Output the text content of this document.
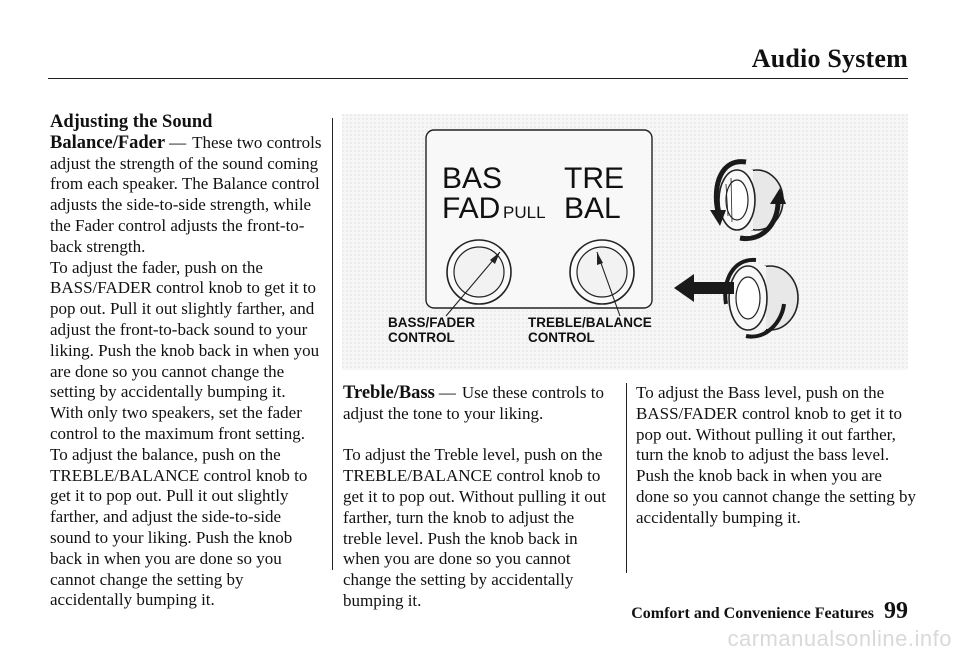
Audio System

Adjusting the Sound Balance/Fader — These two controls adjust the strength of the sound coming from each speaker. The Balance control adjusts the side-to-side strength, while the Fader control adjusts the front-to-back strength.

To adjust the fader, push on the BASS/FADER control knob to get it to pop out. Pull it out slightly farther, and adjust the front-to-back sound to your liking. Push the knob back in when you are done so you cannot change the setting by accidentally bumping it. With only two speakers, set the fader control to the maximum front setting.

To adjust the balance, push on the TREBLE/BALANCE control knob to get it to pop out. Pull it out slightly farther, and adjust the side-to-side sound to your liking. Push the knob back in when you are done so you cannot change the setting by accidentally bumping it.

BAS
FAD PULL
TRE
BAL
BASS/FADER
CONTROL
TREBLE/BALANCE
CONTROL

Treble/Bass — Use these controls to adjust the tone to your liking.

To adjust the Treble level, push on the TREBLE/BALANCE control knob to get it to pop out. Without pulling it out farther, turn the knob to adjust the treble level. Push the knob back in when you are done so you cannot change the setting by accidentally bumping it.

To adjust the Bass level, push on the BASS/FADER control knob to get it to pop out. Without pulling it out farther, turn the knob to adjust the bass level. Push the knob back in when you are done so you cannot change the setting by accidentally bumping it.

Comfort and Convenience Features 99
carmanualsonline.info
